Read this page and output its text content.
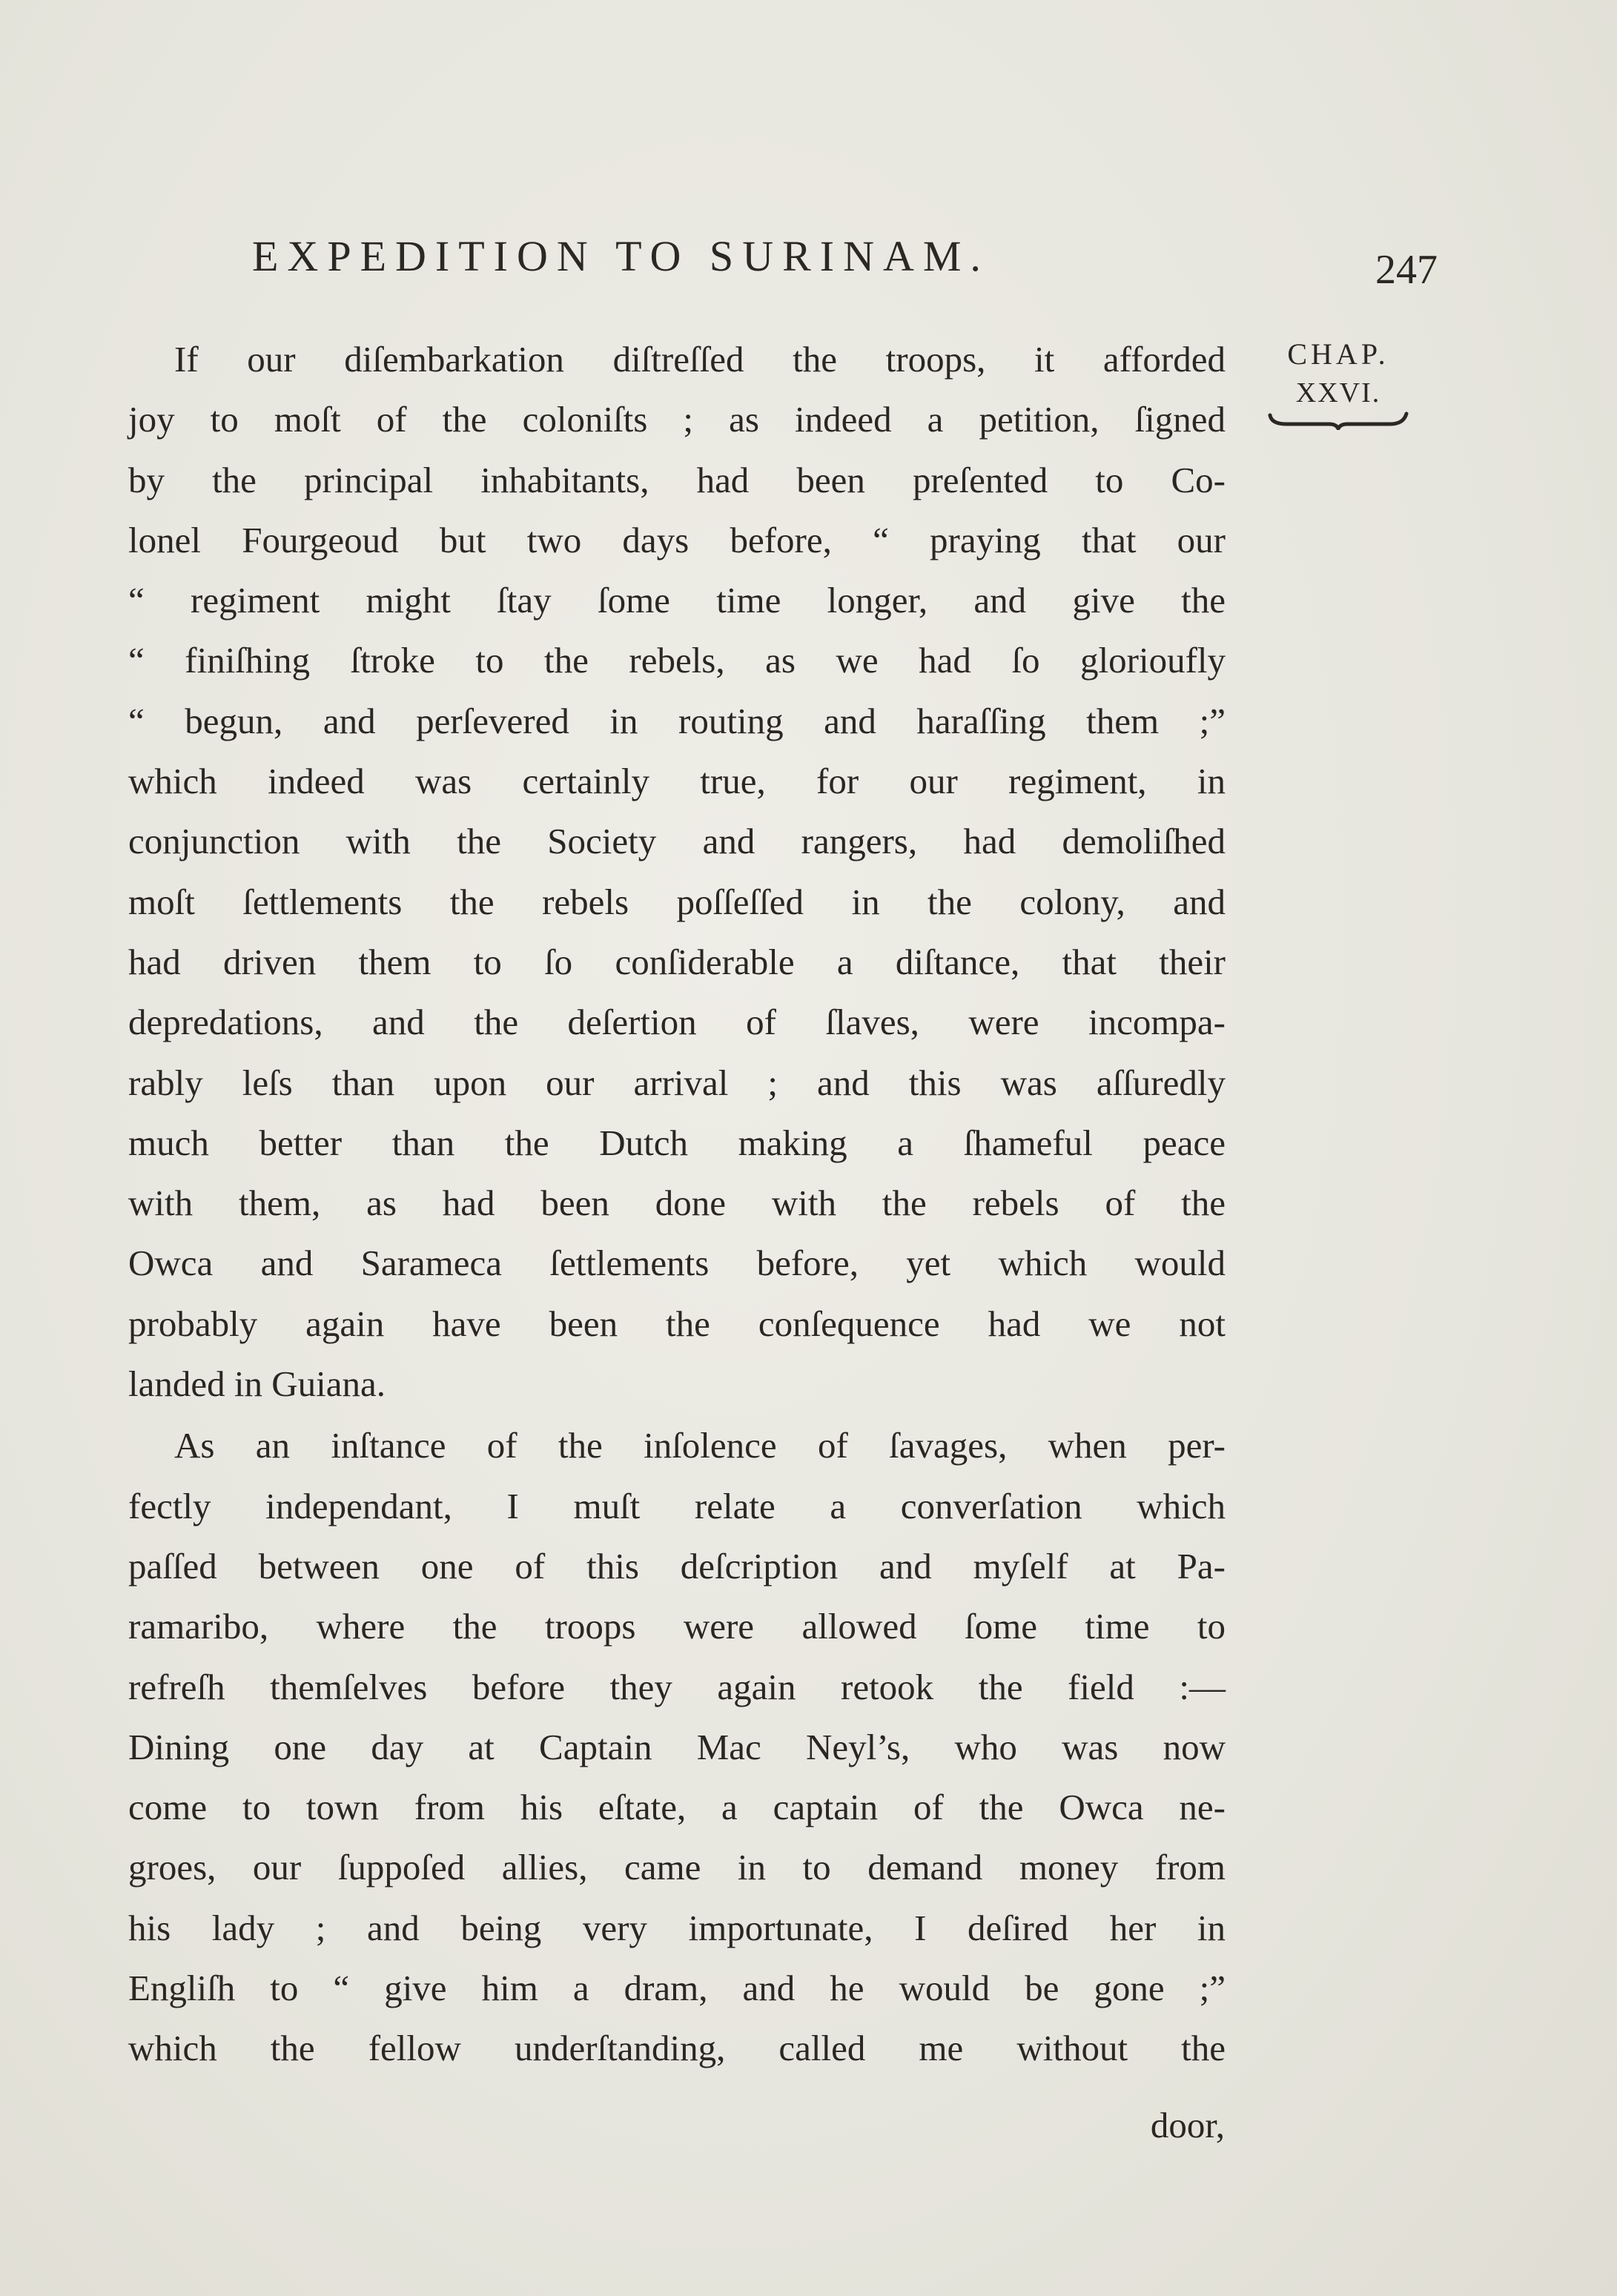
EXPEDITION TO SURINAM.	247
CHAP.
XXVI.
If our diſembarkation diſtreſſed the troops, it afforded
joy to moſt of the coloniſts ; as indeed a petition, ſigned
by the principal inhabitants, had been preſented to Co-
lonel Fourgeoud but two days before, “ praying that our
“ regiment might ſtay ſome time longer, and give the
“ finiſhing ſtroke to the rebels, as we had ſo glorioufly
“ begun, and perſevered in routing and haraſſing them ;”
which indeed was certainly true, for our regiment, in
conjunction with the Society and rangers, had demoliſhed
moſt ſettlements the rebels poſſeſſed in the colony, and
had driven them to ſo conſiderable a diſtance, that their
depredations, and the deſertion of ſlaves, were incompa-
rably leſs than upon our arrival ; and this was aſſuredly
much better than the Dutch making a ſhameful peace
with them, as had been done with the rebels of the
Owca and Sarameca ſettlements before, yet which would
probably again have been the conſequence had we not
landed in Guiana.
As an inſtance of the inſolence of ſavages, when per-
fectly independant, I muſt relate a converſation which
paſſed between one of this deſcription and myſelf at Pa-
ramaribo, where the troops were allowed ſome time to
refreſh themſelves before they again retook the field :—
Dining one day at Captain Mac Neyl’s, who was now
come to town from his eſtate, a captain of the Owca ne-
groes, our ſuppoſed allies, came in to demand money from
his lady ; and being very importunate, I deſired her in
Engliſh to “ give him a dram, and he would be gone ;”
which the fellow underſtanding, called me without the
door,
